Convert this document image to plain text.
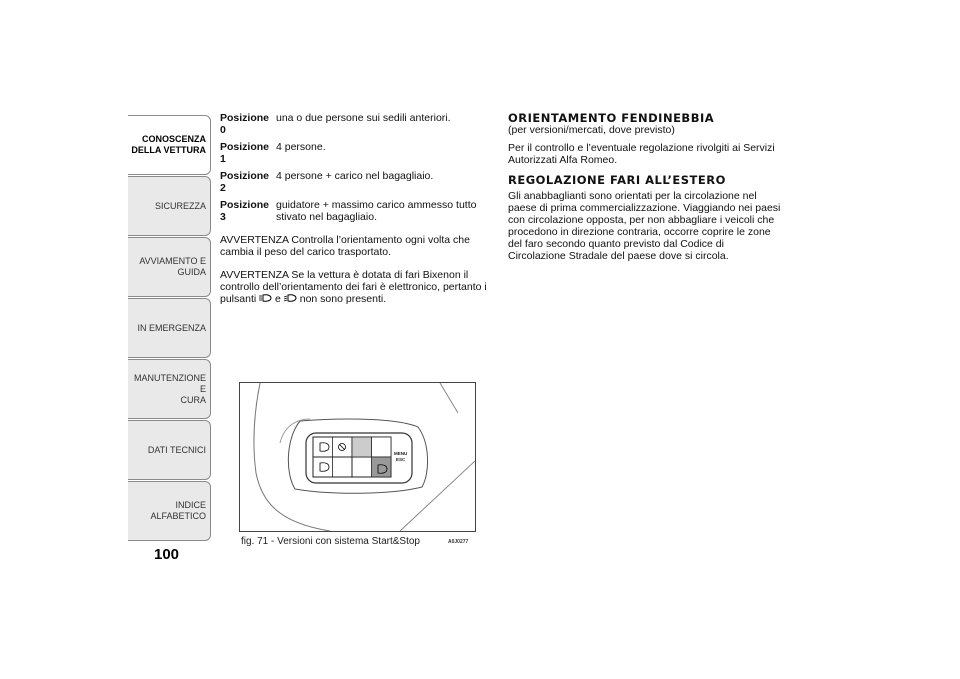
CONOSCENZA
DELLA VETTURA
SICUREZZA
AVVIAMENTO E
GUIDA
IN EMERGENZA
MANUTENZIONE E
CURA
DATI TECNICI
INDICE ALFABETICO
100
Posizione 0
una o due persone sui sedili anteriori.
Posizione 1
4 persone.
Posizione 2
4 persone + carico nel bagagliaio.
Posizione 3
guidatore + massimo carico ammesso tutto stivato nel bagagliaio.

AVVERTENZA Controlla l’orientamento ogni volta che cambia il peso del carico trasportato.

AVVERTENZA Se la vettura è dotata di fari Bixenon il controllo dell’orientamento dei fari è elettronico, pertanto i pulsanti e non sono presenti.

ORIENTAMENTO FENDINEBBIA

(per versioni/mercati, dove previsto)

Per il controllo e l’eventuale regolazione rivolgiti ai Servizi Autorizzati Alfa Romeo.

REGOLAZIONE FARI ALL’ESTERO

Gli anabbaglianti sono orientati per la circolazione nel paese di prima commercializzazione. Viaggiando nei paesi con circolazione opposta, per non abbagliare i veicoli che procedono in direzione contraria, occorre coprire le zone del faro secondo quanto previsto dal Codice di Circolazione Stradale del paese dove si circola.

MENU
ESC
fig. 71 - Versioni con sistema Start&Stop	A0J0277
